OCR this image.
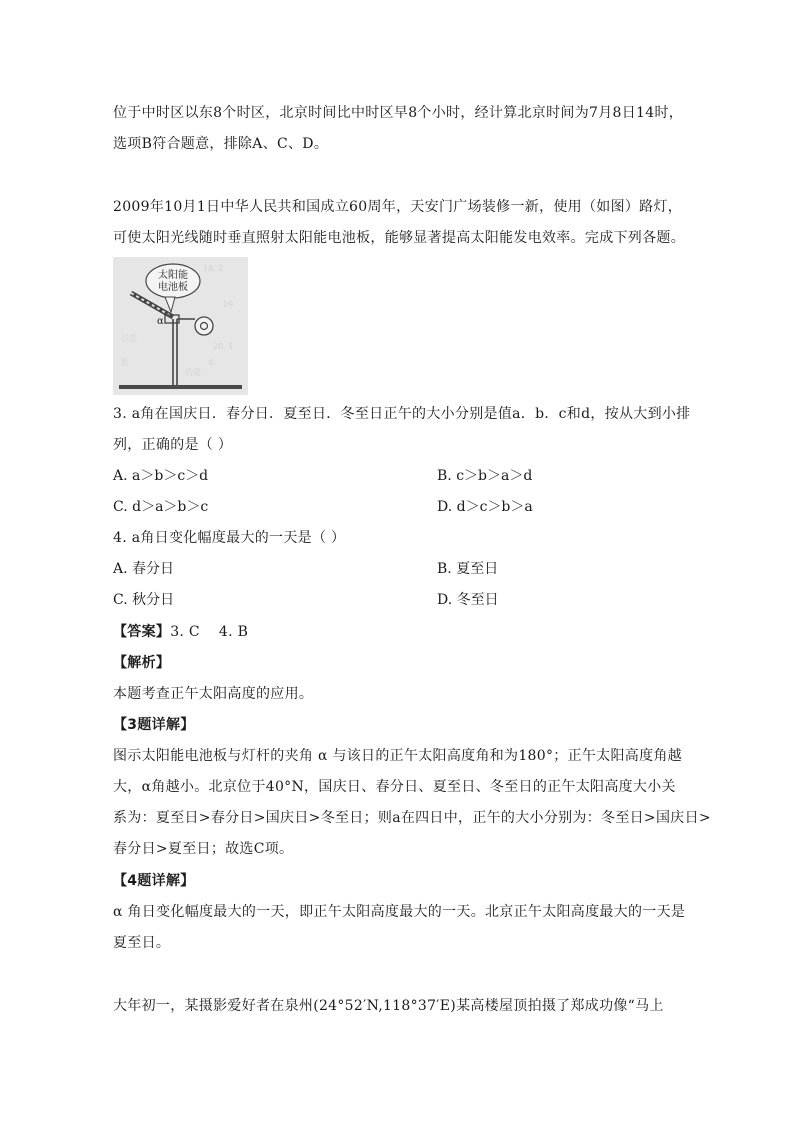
位于中时区以东8个时区，北京时间比中时区早8个小时，经计算北京时间为7月8日14时，
选项B符合题意，排除A、C、D。
2009年10月1日中华人民共和国成立60周年，天安门广场装修一新，使用（如图）路灯，
可使太阳光线随时垂直照射太阳能电池板，能够显著提高太阳能发电效率。完成下列各题。
18. 2
19
20. 1
①
的是
以低
系
太阳能
电池板
α
3. a角在国庆日．春分日．夏至日．冬至日正午的大小分别是值a．b．c和d，按从大到小排
列，正确的是（ ）
A. a＞b＞c＞d	B. c＞b＞a＞d
C. d＞a＞b＞c	D. d＞c＞b＞a
4. a角日变化幅度最大的一天是（ ）
A. 春分日	B. 夏至日
C. 秋分日	D. 冬至日
【答案】3. C    4. B
【解析】
本题考查正午太阳高度的应用。
【3题详解】
图示太阳能电池板与灯杆的夹角 α 与该日的正午太阳高度角和为180°；正午太阳高度角越
大，α角越小。北京位于40°N，国庆日、春分日、夏至日、冬至日的正午太阳高度大小关
系为：夏至日>春分日>国庆日>冬至日；则a在四日中，正午的大小分别为：冬至日>国庆日>
春分日>夏至日；故选C项。
【4题详解】
α 角日变化幅度最大的一天，即正午太阳高度最大的一天。北京正午太阳高度最大的一天是
夏至日。
大年初一，某摄影爱好者在泉州(24°52′N,118°37′E)某高楼屋顶拍摄了郑成功像“马上
